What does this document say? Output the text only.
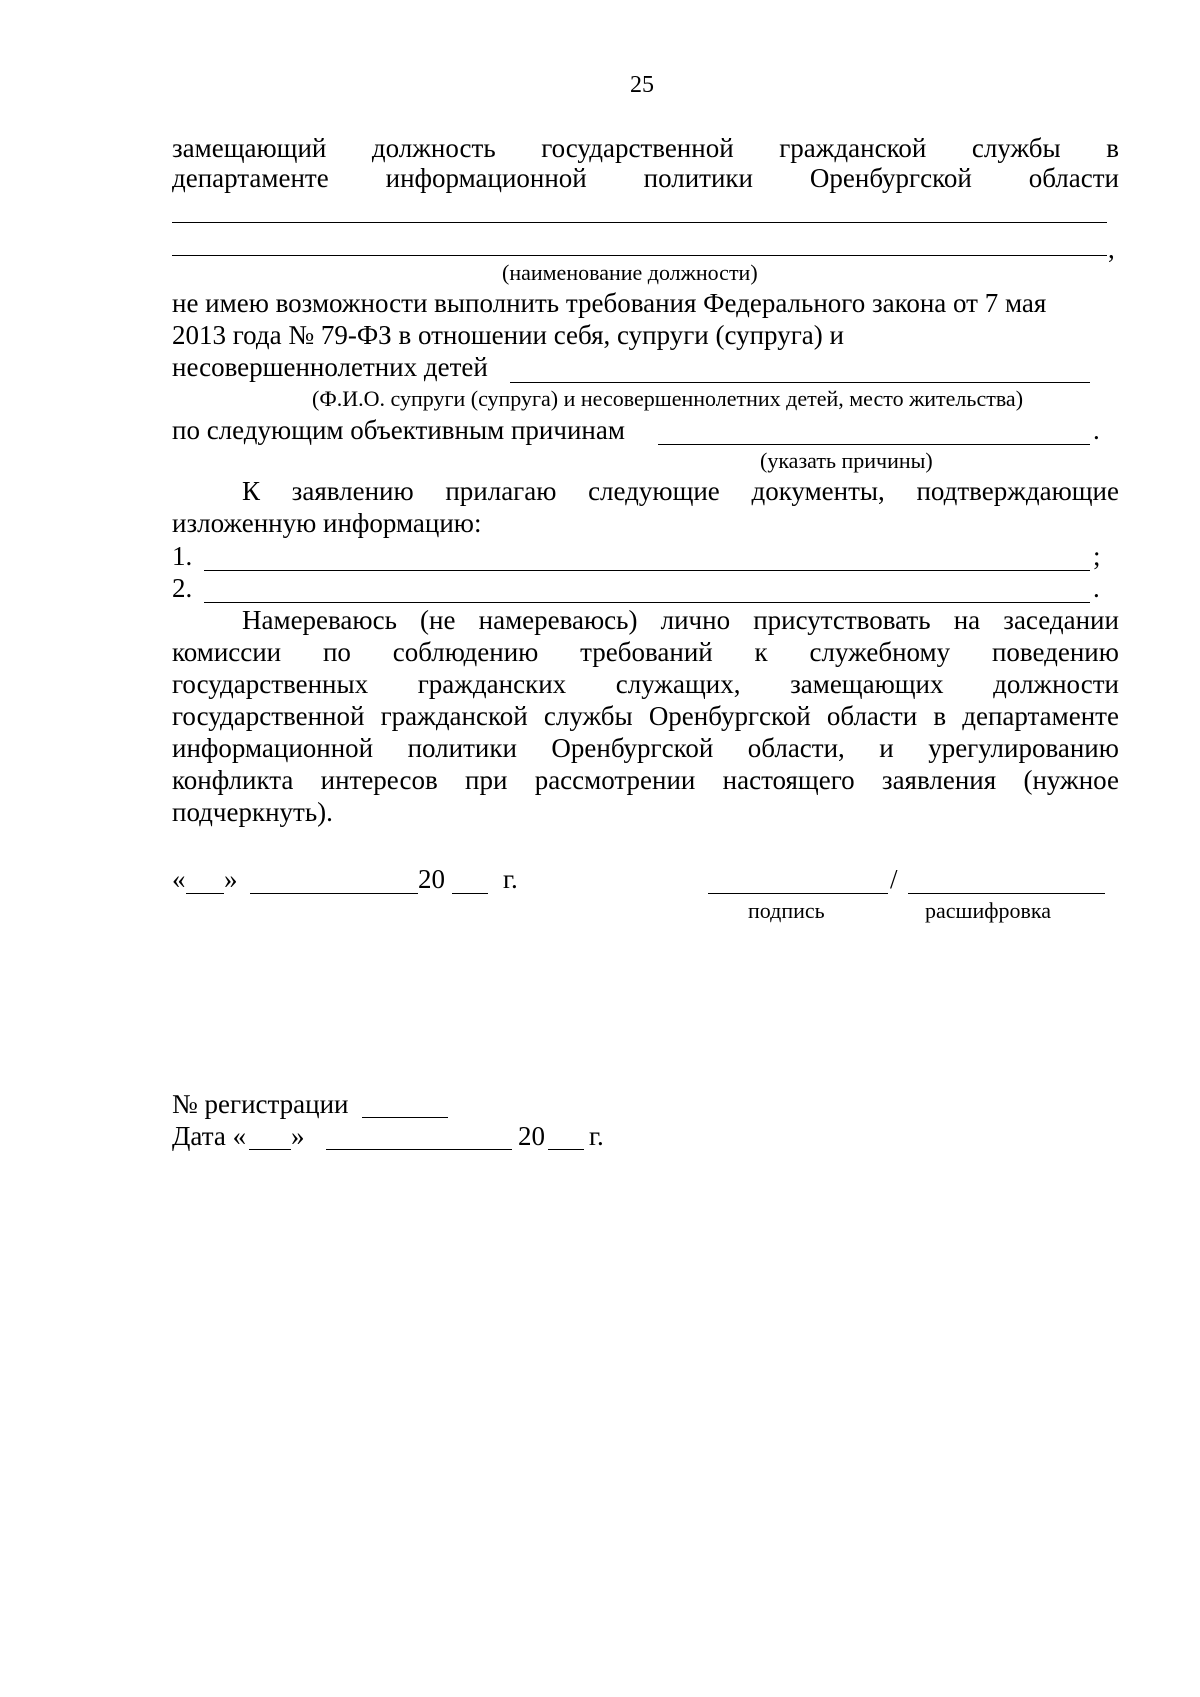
25
замещающий должность государственной гражданской службы в
департаменте информационной политики Оренбургской области
,
(наименование должности)
не имею возможности выполнить требования Федерального закона от 7 мая
2013 года № 79-ФЗ в отношении себя, супруги (супруга) и
несовершеннолетних детей
(Ф.И.О. супруги (супруга) и несовершеннолетних детей, место жительства)
по следующим объективным причинам	.
(указать причины)
К заявлению прилагаю следующие документы, подтверждающие
изложенную информацию:
1.	;
2.	.
Намереваюсь (не намереваюсь) лично присутствовать на заседании
комиссии по соблюдению требований к служебному поведению
государственных гражданских служащих, замещающих должности
государственной гражданской службы Оренбургской области в департаменте
информационной политики Оренбургской области, и урегулированию
конфликта интересов при рассмотрении настоящего заявления (нужное
подчеркнуть).
« »	20 г.	/
подпись	расшифровка
№ регистрации
Дата « »	20 г.
